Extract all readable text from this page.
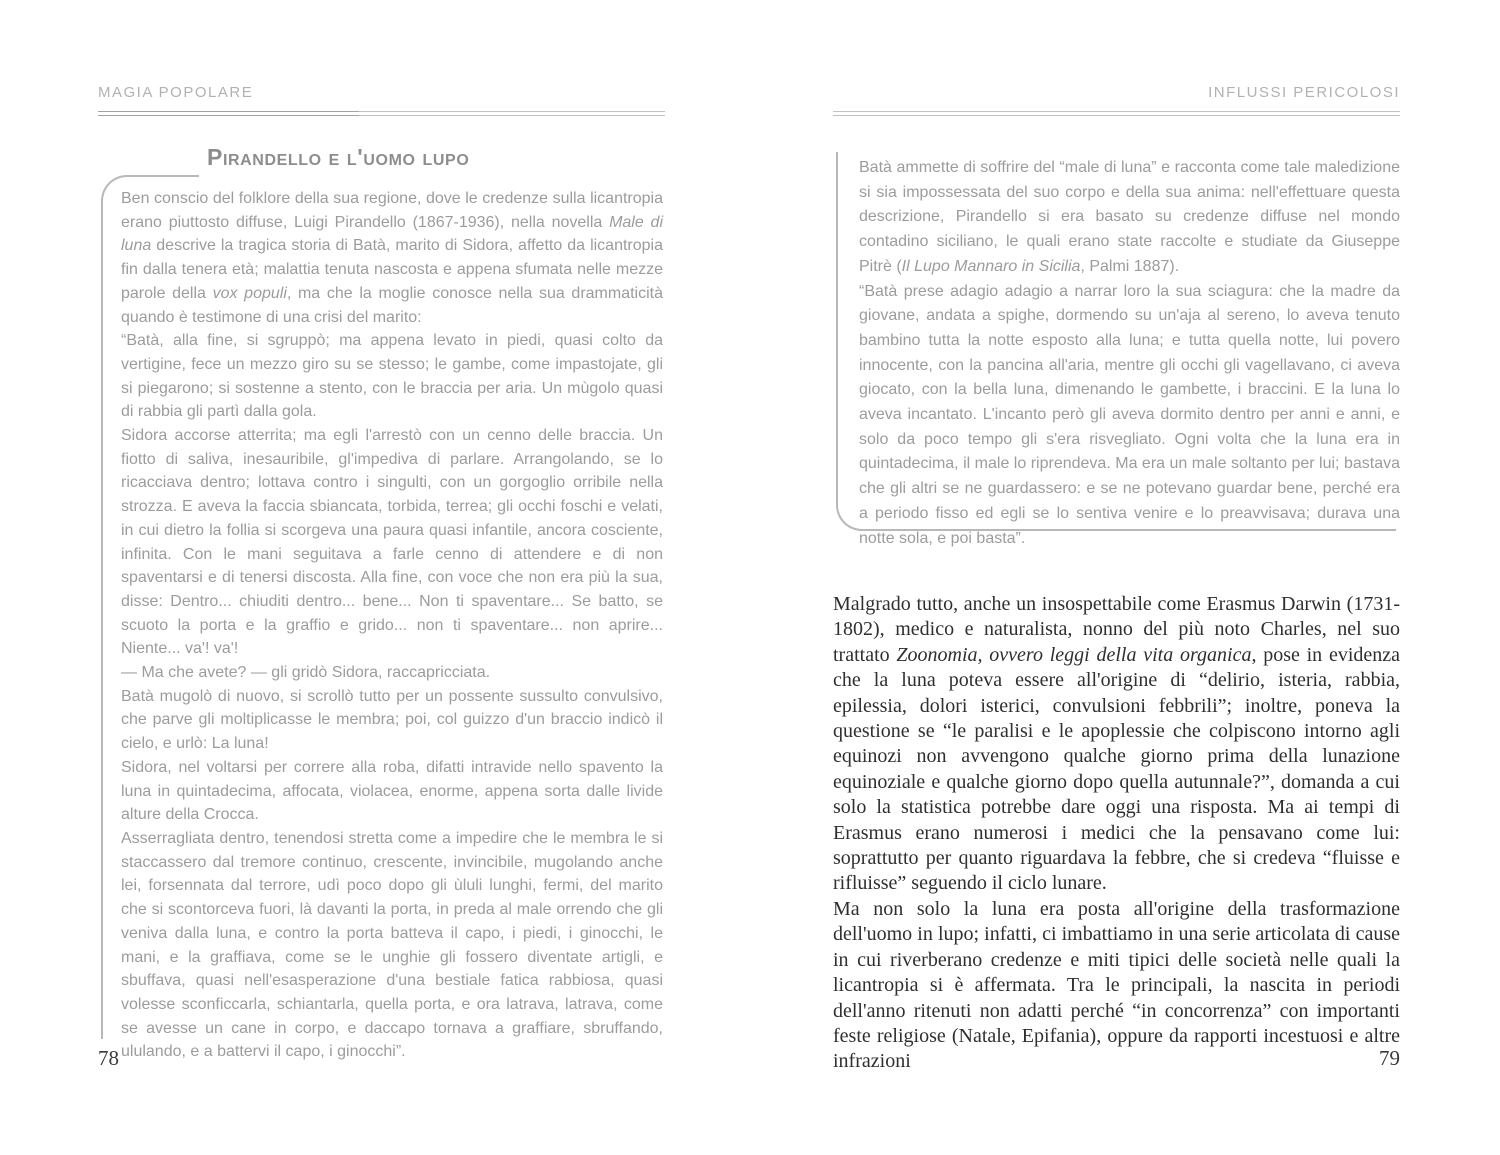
MAGIA POPOLARE
Pirandello e l'uomo lupo

Ben conscio del folklore della sua regione, dove le credenze sulla licantropia erano piuttosto diffuse, Luigi Pirandello (1867-1936), nella novella Male di luna descrive la tragica storia di Batà, marito di Sidora, affetto da licantropia fin dalla tenera età; malattia tenuta nascosta e appena sfumata nelle mezze parole della vox populi, ma che la moglie conosce nella sua drammaticità quando è testimone di una crisi del marito:

“Batà, alla fine, si sgruppò; ma appena levato in piedi, quasi colto da vertigine, fece un mezzo giro su se stesso; le gambe, come impastojate, gli si piegarono; si sostenne a stento, con le braccia per aria. Un mùgolo quasi di rabbia gli partì dalla gola.

Sidora accorse atterrita; ma egli l'arrestò con un cenno delle braccia. Un fiotto di saliva, inesauribile, gl'impediva di parlare. Arrangolando, se lo ricacciava dentro; lottava contro i singulti, con un gorgoglio orribile nella strozza. E aveva la faccia sbiancata, torbida, terrea; gli occhi foschi e velati, in cui dietro la follia si scorgeva una paura quasi infantile, ancora cosciente, infinita. Con le mani seguitava a farle cenno di attendere e di non spaventarsi e di tenersi discosta. Alla fine, con voce che non era più la sua, disse: Dentro... chiuditi dentro... bene... Non ti spaventare... Se batto, se scuoto la porta e la graffio e grido... non ti spaventare... non aprire... Niente... va'! va'!

— Ma che avete? — gli gridò Sidora, raccapricciata.

Batà mugolò di nuovo, si scrollò tutto per un possente sussulto convulsivo, che parve gli moltiplicasse le membra; poi, col guizzo d'un braccio indicò il cielo, e urlò: La luna!

Sidora, nel voltarsi per correre alla roba, difatti intravide nello spavento la luna in quintadecima, affocata, violacea, enorme, appena sorta dalle livide alture della Crocca.

Asserragliata dentro, tenendosi stretta come a impedire che le membra le si staccassero dal tremore continuo, crescente, invincibile, mugolando anche lei, forsennata dal terrore, udì poco dopo gli ùluli lunghi, fermi, del marito che si scontorceva fuori, là davanti la porta, in preda al male orrendo che gli veniva dalla luna, e contro la porta batteva il capo, i piedi, i ginocchi, le mani, e la graffiava, come se le unghie gli fossero diventate artigli, e sbuffava, quasi nell'esasperazione d'una bestiale fatica rabbiosa, quasi volesse sconficcarla, schiantarla, quella porta, e ora latrava, latrava, come se avesse un cane in corpo, e daccapo tornava a graffiare, sbruffando, ululando, e a battervi il capo, i ginocchi”.

78
INFLUSSI PERICOLOSI

Batà ammette di soffrire del “male di luna” e racconta come tale maledizione si sia impossessata del suo corpo e della sua anima: nell'effettuare questa descrizione, Pirandello si era basato su credenze diffuse nel mondo contadino siciliano, le quali erano state raccolte e studiate da Giuseppe Pitrè (Il Lupo Mannaro in Sicilia, Palmi 1887).

“Batà prese adagio adagio a narrar loro la sua sciagura: che la madre da giovane, andata a spighe, dormendo su un'aja al sereno, lo aveva tenuto bambino tutta la notte esposto alla luna; e tutta quella notte, lui povero innocente, con la pancina all'aria, mentre gli occhi gli vagellavano, ci aveva giocato, con la bella luna, dimenando le gambette, i braccini. E la luna lo aveva incantato. L'incanto però gli aveva dormito dentro per anni e anni, e solo da poco tempo gli s'era risvegliato. Ogni volta che la luna era in quintadecima, il male lo riprendeva. Ma era un male soltanto per lui; bastava che gli altri se ne guardassero: e se ne potevano guardar bene, perché era a periodo fisso ed egli se lo sentiva venire e lo preavvisava; durava una notte sola, e poi basta”.

Malgrado tutto, anche un insospettabile come Erasmus Darwin (1731-1802), medico e naturalista, nonno del più noto Charles, nel suo trattato Zoonomia, ovvero leggi della vita organica, pose in evidenza che la luna poteva essere all'origine di “delirio, isteria, rabbia, epilessia, dolori isterici, convulsioni febbrili”; inoltre, poneva la questione se “le paralisi e le apoplessie che colpiscono intorno agli equinozi non avvengono qualche giorno prima della lunazione equinoziale e qualche giorno dopo quella autunnale?”, domanda a cui solo la statistica potrebbe dare oggi una risposta. Ma ai tempi di Erasmus erano numerosi i medici che la pensavano come lui: soprattutto per quanto riguardava la febbre, che si credeva “fluisse e rifluisse” seguendo il ciclo lunare.

Ma non solo la luna era posta all'origine della trasformazione dell'uomo in lupo; infatti, ci imbattiamo in una serie articolata di cause in cui riverberano credenze e miti tipici delle società nelle quali la licantropia si è affermata. Tra le principali, la nascita in periodi dell'anno ritenuti non adatti perché “in concorrenza” con importanti feste religiose (Natale, Epifania), oppure da rapporti incestuosi e altre infrazioni	79
